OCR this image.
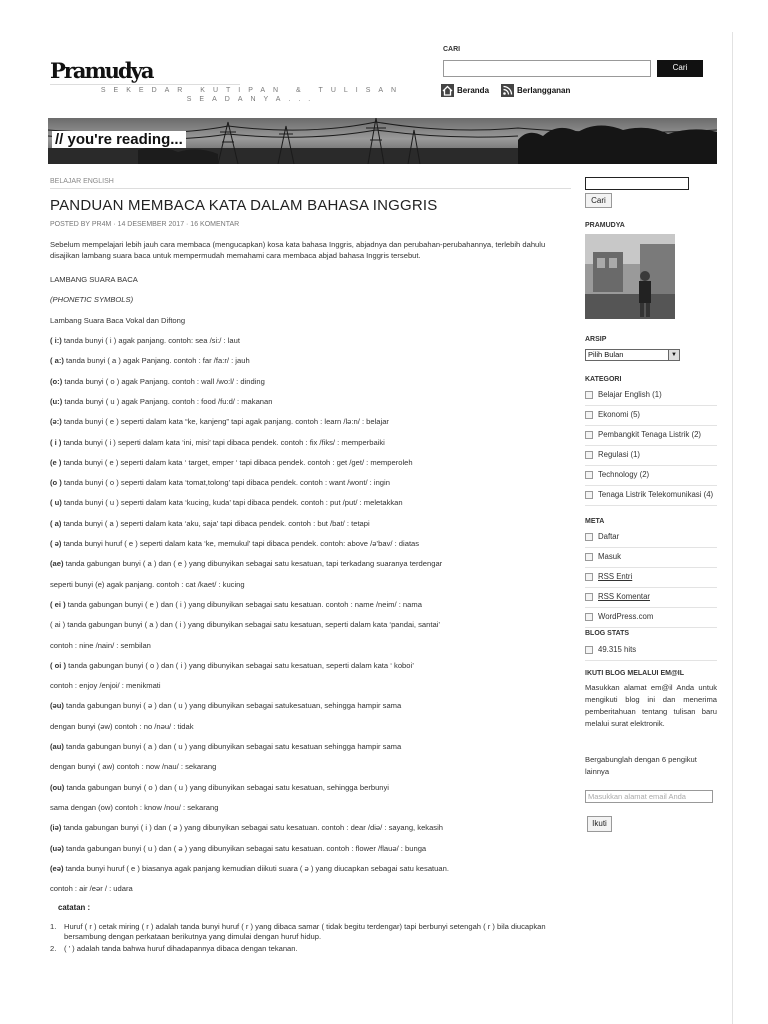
Pramudya
SEKEDAR KUTIPAN & TULISAN SEADANYA...
CARI
Cari
Beranda	Berlangganan
// you're reading...
BELAJAR ENGLISH
PANDUAN MEMBACA KATA DALAM BAHASA INGGRIS
POSTED BY PR4M · 14 DESEMBER 2017 · 16 KOMENTAR
Sebelum mempelajari lebih jauh cara membaca (mengucapkan) kosa kata bahasa Inggris, abjadnya dan perubahan-perubahannya, terlebih dahulu disajikan lambang suara baca untuk mempermudah memahami cara membaca abjad bahasa Inggris tersebut.
LAMBANG SUARA BACA
(PHONETIC SYMBOLS)
Lambang Suara Baca Vokal dan Diftong
( i:) tanda bunyi ( i ) agak panjang. contoh: sea /si:/ : laut
( a:) tanda bunyi ( a ) agak Panjang. contoh : far /fa:r/ : jauh
(o:) tanda bunyi ( o ) agak Panjang. contoh : wall /wo:l/ : dinding
(u:) tanda bunyi ( u ) agak Panjang. contoh : food /fu:d/ : makanan
(ə:) tanda bunyi ( e ) seperti dalam kata “ke, kanjeng” tapi agak panjang. contoh : learn /lə:n/ : belajar
( i ) tanda bunyi ( i ) seperti dalam kata ‘ini, misi’ tapi dibaca pendek. contoh : fix /fiks/ : memperbaiki
(e ) tanda bunyi ( e ) seperti dalam kata ‘ target, emper ‘ tapi dibaca pendek. contoh : get /get/ : memperoleh
(o ) tanda bunyi ( o ) seperti dalam kata ‘tomat,tolong’ tapi dibaca pendek. contoh : want /wont/ : ingin
( u) tanda bunyi ( u ) seperti dalam kata ‘kucing, kuda’ tapi dibaca pendek. contoh : put /put/ : meletakkan
( a) tanda bunyi ( a ) seperti dalam kata ‘aku, saja’ tapi dibaca pendek. contoh : but /bat/ : tetapi
( ə) tanda bunyi huruf ( e ) seperti dalam kata ‘ke, memukul’ tapi dibaca pendek. contoh: above /ə’bav/ : diatas
(ae) tanda gabungan bunyi ( a ) dan ( e ) yang dibunyikan sebagai satu kesatuan, tapi terkadang suaranya terdengar
seperti bunyi (e) agak panjang. contoh : cat /kaet/ : kucing
( ei ) tanda gabungan bunyi ( e ) dan ( i ) yang dibunyikan sebagai satu kesatuan. contoh : name /neim/ : nama
( ai ) tanda gabungan bunyi ( a ) dan ( i ) yang dibunyikan sebagai satu kesatuan, seperti dalam kata ‘pandai, santai’
contoh : nine /nain/ : sembilan
( oi ) tanda gabungan bunyi ( o ) dan ( i ) yang dibunyikan sebagai satu kesatuan, seperti dalam kata ‘ koboi’
contoh : enjoy /enjoi/ : menikmati
(əu) tanda gabungan bunyi ( ə ) dan ( u ) yang dibunyikan sebagai satukesatuan, sehingga hampir sama
dengan bunyi (əw) contoh : no /nəu/ : tidak
(au) tanda gabungan bunyi ( a ) dan ( u ) yang dibunyikan sebagai satu kesatuan sehingga hampir sama
dengan bunyi ( aw) contoh : now /nau/ : sekarang
(ou) tanda gabungan bunyi ( o ) dan ( u ) yang dibunyikan sebagai satu kesatuan, sehingga berbunyi
sama dengan (ow) contoh : know /nou/ : sekarang
(iə) tanda gabungan bunyi ( i ) dan ( ə ) yang dibunyikan sebagai satu kesatuan. contoh : dear /diə/ : sayang, kekasih
(uə) tanda gabungan bunyi ( u ) dan ( ə ) yang dibunyikan sebagai satu kesatuan. contoh : flower /flauə/ : bunga
(eə) tanda bunyi huruf ( e ) biasanya agak panjang kemudian diikuti suara ( ə ) yang diucapkan sebagai satu kesatuan.
contoh : air /eər / : udara
catatan :
1.	Huruf ( r ) cetak miring ( r ) adalah tanda bunyi huruf ( r ) yang dibaca samar ( tidak begitu terdengar) tapi berbunyi setengah ( r ) bila diucapkan bersambung dengan perkataan berikutnya yang dimulai dengan huruf hidup.
2.	( ’ ) adalah tanda bahwa huruf dihadapannya dibaca dengan tekanan.
Cari
PRAMUDYA
ARSIP
Pilih Bulan	▼
KATEGORI
Belajar English (1)
Ekonomi (5)
Pembangkit Tenaga Listrik (2)
Regulasi (1)
Technology (2)
Tenaga Listrik Telekomunikasi (4)
META
Daftar
Masuk
RSS Entri
RSS Komentar
WordPress.com
BLOG STATS
49.315 hits
IKUTI BLOG MELALUI EM@IL
Masukkan alamat em@il Anda untuk mengikuti blog ini dan menerima pemberitahuan tentang tulisan baru melalui surat elektronik.
Bergabunglah dengan 6 pengikut lainnya
Masukkan alamat email Anda
Ikuti
